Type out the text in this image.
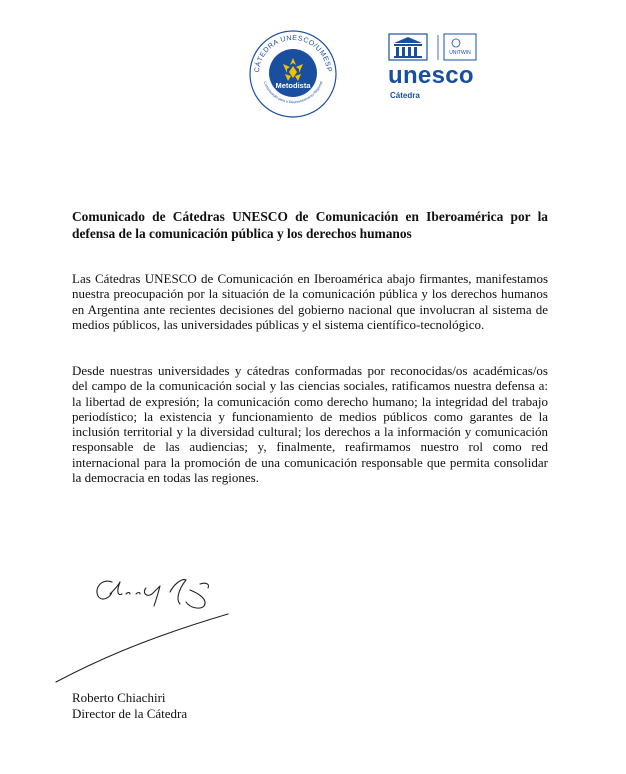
CÁTEDRA UNESCO/UMESP
Comunicação para o Desenvolvimento Regional
Metodista
UNITWIN
unesco
Cátedra
Comunicado de Cátedras UNESCO de Comunicación en Iberoamérica por la defensa de la comunicación pública y los derechos humanos

Las Cátedras UNESCO de Comunicación en Iberoamérica abajo firmantes, manifestamos nuestra preocupación por la situación de la comunicación pública y los derechos humanos en Argentina ante recientes decisiones del gobierno nacional que involucran al sistema de medios públicos, las universidades públicas y el sistema científico-tecnológico.

Desde nuestras universidades y cátedras conformadas por reconocidas/os académicas/os del campo de la comunicación social y las ciencias sociales, ratificamos nuestra defensa a: la libertad de expresión; la comunicación como derecho humano; la integridad del trabajo periodístico; la existencia y funcionamiento de medios públicos como garantes de la inclusión territorial y la diversidad cultural; los derechos a la información y comunicación responsable de las audiencias; y, finalmente, reafirmamos nuestro rol como red internacional para la promoción de una comunicación responsable que permita consolidar la democracia en todas las regiones.

Roberto Chiachiri
Director de la Cátedra
